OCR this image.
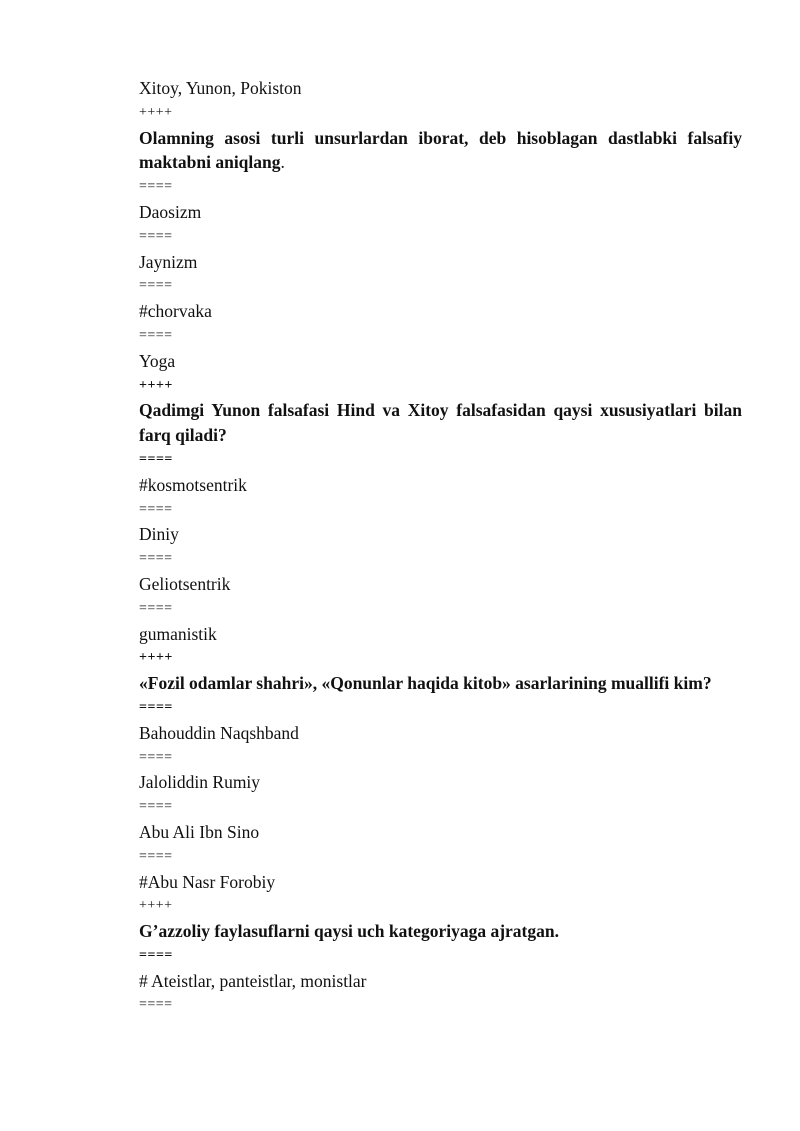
Xitoy, Yunon, Pokiston

++++

Olamning asosi turli unsurlardan iborat, deb hisoblagan dastlabki falsafiy maktabni aniqlang.

====

Daosizm

====

Jaynizm

====

#chorvaka

====

Yoga

++++

Qadimgi Yunon falsafasi Hind va Xitoy falsafasidan qaysi xususiyatlari bilan farq qiladi?

====

#kosmotsentrik

====

Diniy

====

Geliotsentrik

====

gumanistik

++++

«Fozil odamlar shahri», «Qonunlar haqida kitob» asarlarining muallifi kim?

====

Bahouddin Naqshband

====

Jaloliddin Rumiy

====

Abu Ali Ibn Sino

====

#Abu Nasr Forobiy

++++

G’azzoliy faylasuflarni qaysi uch kategoriyaga ajratgan.

====

# Ateistlar, panteistlar, monistlar

====
